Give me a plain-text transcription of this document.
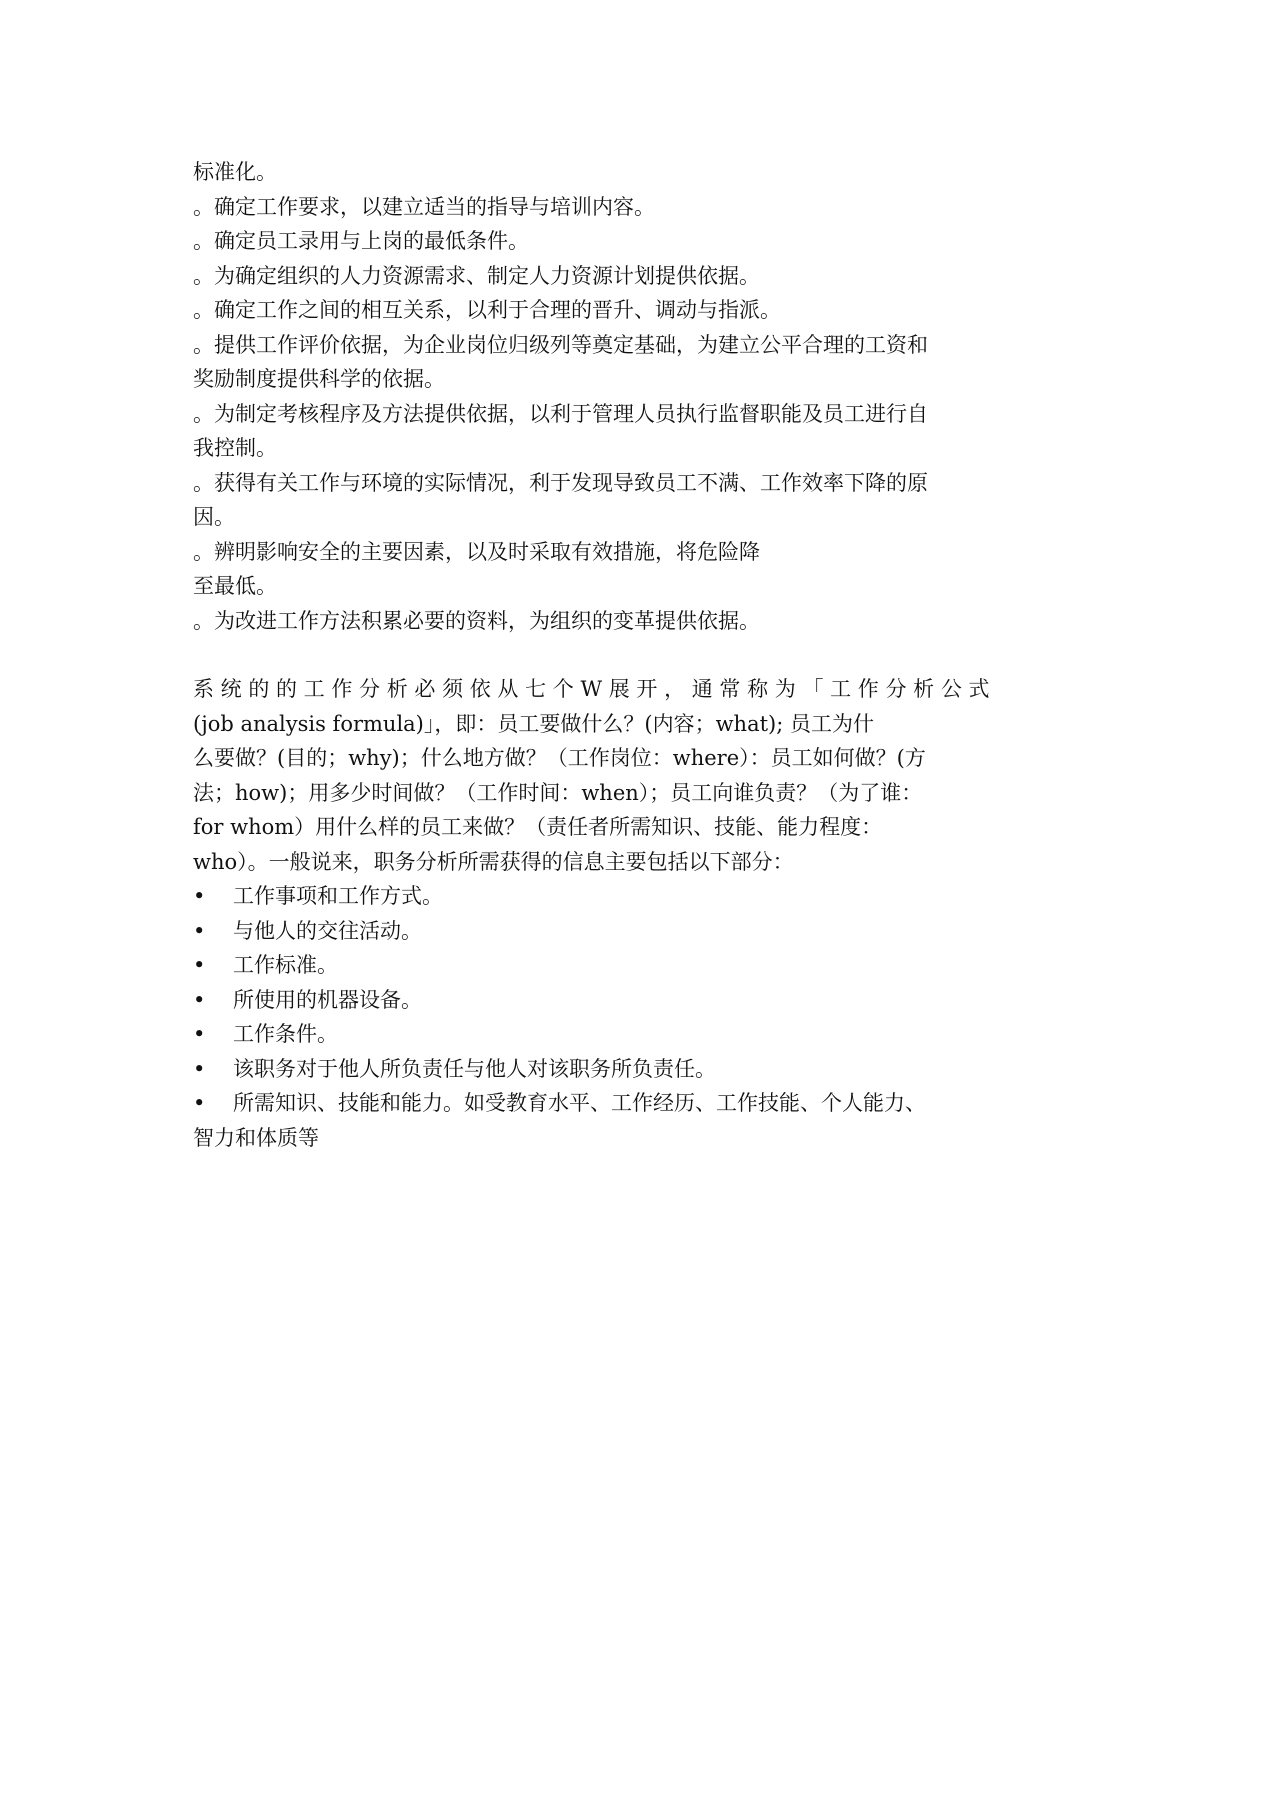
标准化。
。确定工作要求，以建立适当的指导与培训内容。
。确定员工录用与上岗的最低条件。
。为确定组织的人力资源需求、制定人力资源计划提供依据。
。确定工作之间的相互关系，以利于合理的晋升、调动与指派。
。提供工作评价依据，为企业岗位归级列等奠定基础，为建立公平合理的工资和
奖励制度提供科学的依据。
。为制定考核程序及方法提供依据，以利于管理人员执行监督职能及员工进行自
我控制。
。获得有关工作与环境的实际情况，利于发现导致员工不满、工作效率下降的原
因。
。辨明影响安全的主要因素，以及时采取有效措施，将危险降
至最低。
。为改进工作方法积累必要的资料，为组织的变革提供依据。
系 统 的 的 工 作 分 析 必 须 依 从 七 个 W 展 开 ， 通 常 称 为 「 工 作 分 析 公 式
(job analysis formula)」，即：员工要做什么？(内容；what); 员工为什
么要做？(目的；why)；什么地方做？（工作岗位：where）：员工如何做？(方
法；how)；用多少时间做？（工作时间：when）；员工向谁负责？（为了谁：
for whom）用什么样的员工来做？（责任者所需知识、技能、能力程度：
who）。一般说来，职务分析所需获得的信息主要包括以下部分：
•	工作事项和工作方式。
•	与他人的交往活动。
•	工作标准。
•	所使用的机器设备。
•	工作条件。
•	该职务对于他人所负责任与他人对该职务所负责任。
•	所需知识、技能和能力。如受教育水平、工作经历、工作技能、个人能力、
智力和体质等
